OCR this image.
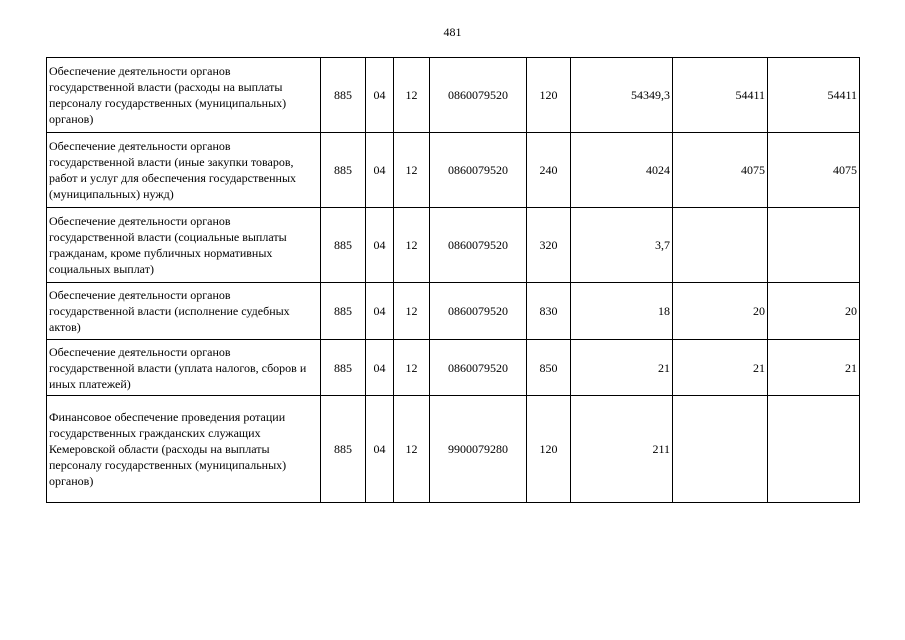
481
Обеспечение деятельности органов государственной власти (расходы на выплаты персоналу государственных (муниципальных) органов)	885	04	12	0860079520	120	54349,3	54411	54411
Обеспечение деятельности органов государственной власти (иные закупки товаров, работ и услуг для обеспечения государственных (муниципальных) нужд)	885	04	12	0860079520	240	4024	4075	4075
Обеспечение деятельности органов государственной власти (социальные выплаты гражданам, кроме публичных нормативных социальных выплат)	885	04	12	0860079520	320	3,7		
Обеспечение деятельности органов государственной власти (исполнение судебных актов)	885	04	12	0860079520	830	18	20	20
Обеспечение деятельности органов государственной власти (уплата налогов, сборов и иных платежей)	885	04	12	0860079520	850	21	21	21
Финансовое обеспечение проведения ротации государственных гражданских служащих Кемеровской области (расходы на выплаты персоналу государственных (муниципальных) органов)	885	04	12	9900079280	120	211		
